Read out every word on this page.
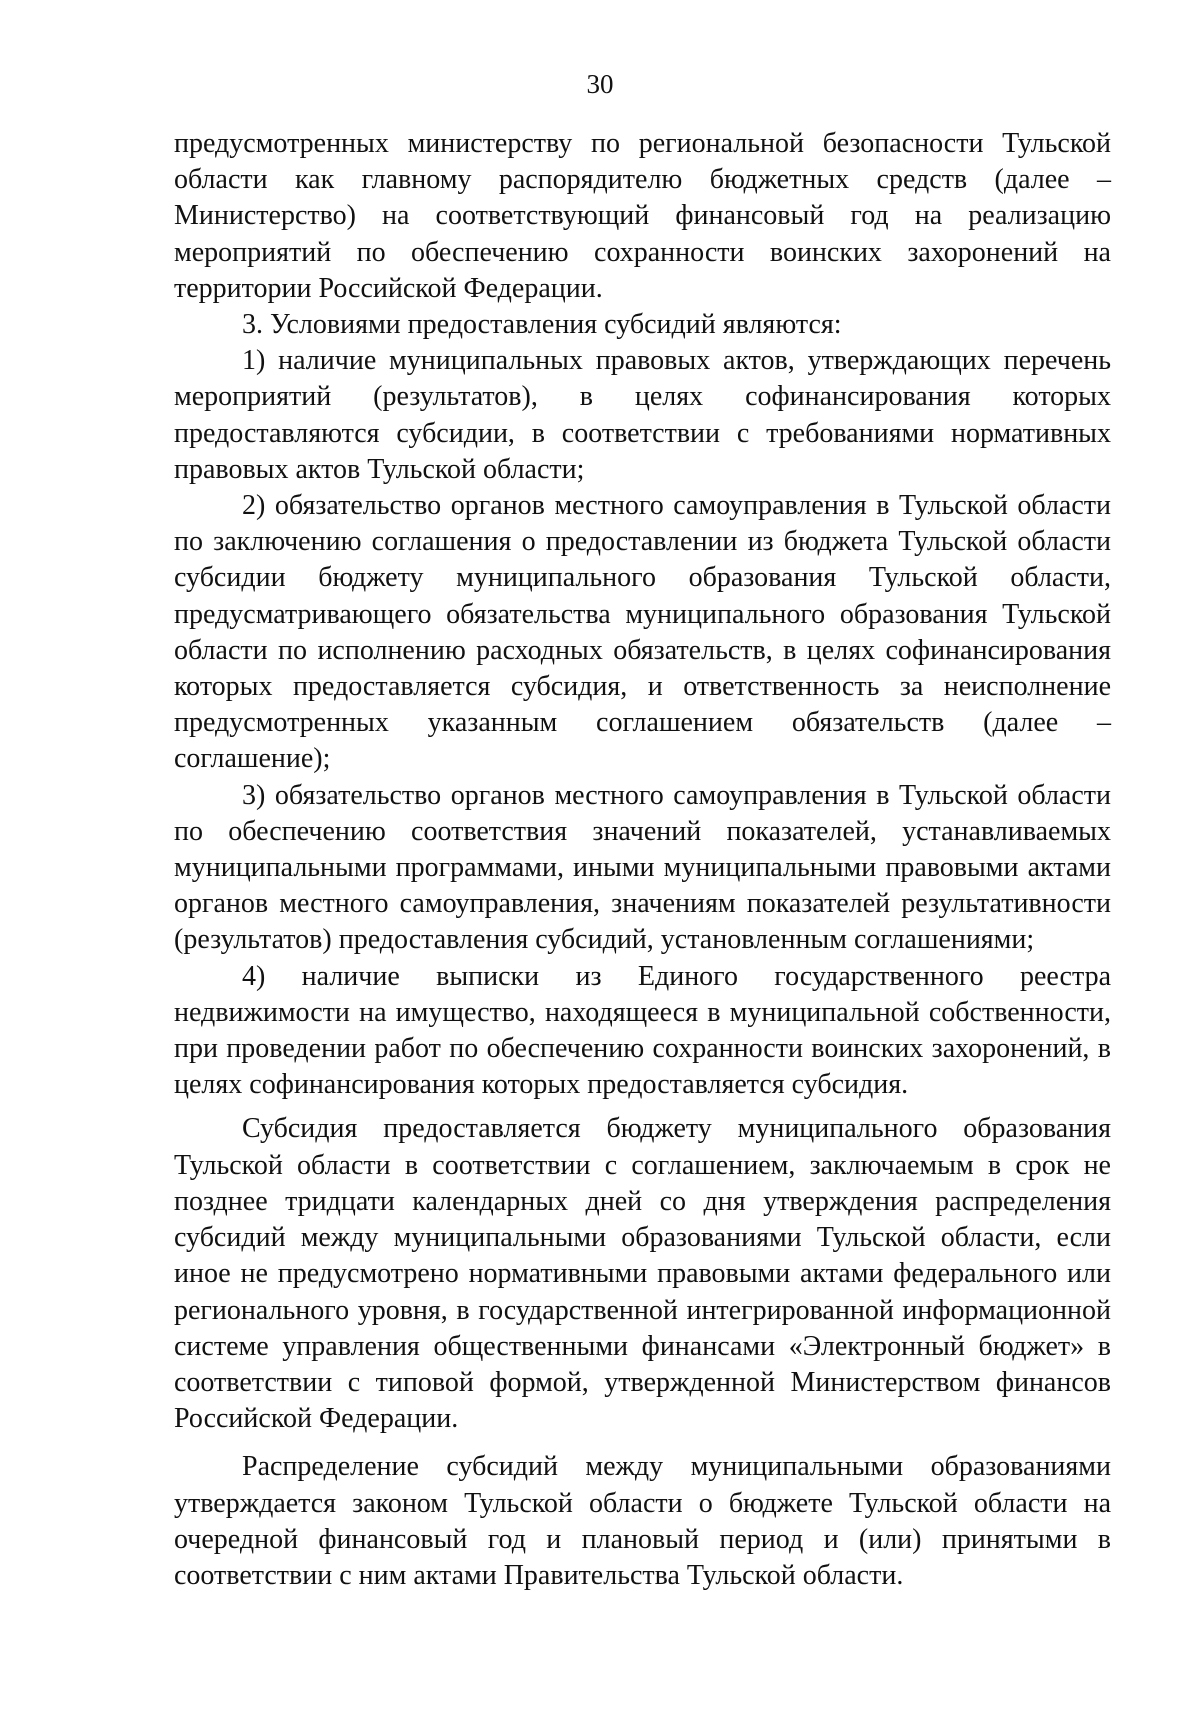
30

предусмотренных министерству по региональной безопасности Тульской области как главному распорядителю бюджетных средств (далее – Министерство) на соответствующий финансовый год на реализацию мероприятий по обеспечению сохранности воинских захоронений на территории Российской Федерации.

3. Условиями предоставления субсидий являются:

1) наличие муниципальных правовых актов, утверждающих перечень мероприятий (результатов), в целях софинансирования которых предоставляются субсидии, в соответствии с требованиями нормативных правовых актов Тульской области;

2) обязательство органов местного самоуправления в Тульской области по заключению соглашения о предоставлении из бюджета Тульской области субсидии бюджету муниципального образования Тульской области, предусматривающего обязательства муниципального образования Тульской области по исполнению расходных обязательств, в целях софинансирования которых предоставляется субсидия, и ответственность за неисполнение предусмотренных указанным соглашением обязательств (далее – соглашение);

3) обязательство органов местного самоуправления в Тульской области по обеспечению соответствия значений показателей, устанавливаемых муниципальными программами, иными муниципальными правовыми актами органов местного самоуправления, значениям показателей результативности (результатов) предоставления субсидий, установленным соглашениями;

4) наличие выписки из Единого государственного реестра недвижимости на имущество, находящееся в муниципальной собственности, при проведении работ по обеспечению сохранности воинских захоронений, в целях софинансирования которых предоставляется субсидия.

Субсидия предоставляется бюджету муниципального образования Тульской области в соответствии с соглашением, заключаемым в срок не позднее тридцати календарных дней со дня утверждения распределения субсидий между муниципальными образованиями Тульской области, если иное не предусмотрено нормативными правовыми актами федерального или регионального уровня, в государственной интегрированной информационной системе управления общественными финансами «Электронный бюджет» в соответствии с типовой формой, утвержденной Министерством финансов Российской Федерации.

Распределение субсидий между муниципальными образованиями утверждается законом Тульской области о бюджете Тульской области на очередной финансовый год и плановый период и (или) принятыми в соответствии с ним актами Правительства Тульской области.
